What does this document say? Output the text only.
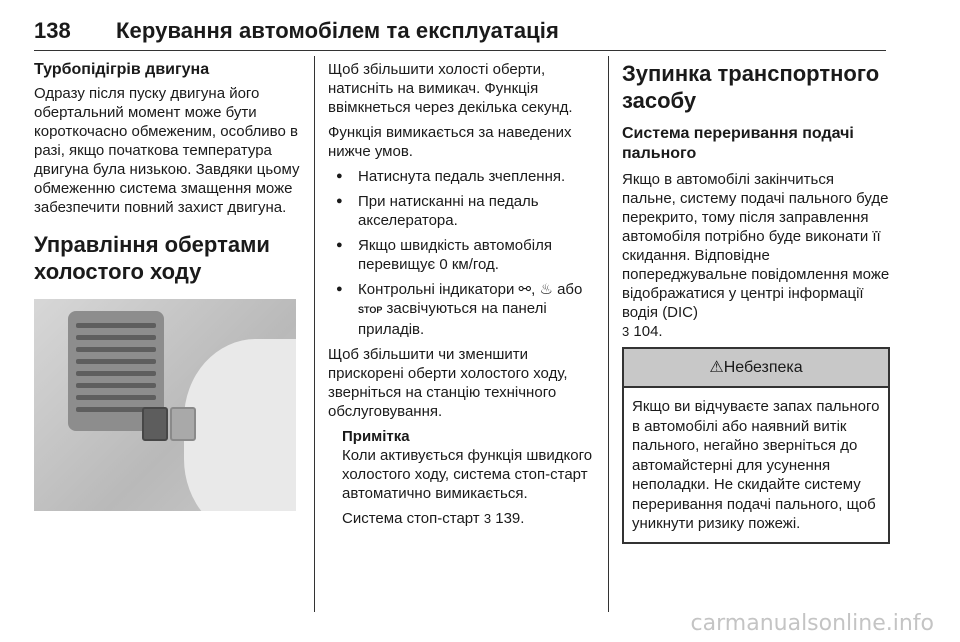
138 Керування автомобілем та експлуатація
Турбопідігрів двигуна

Одразу після пуску двигуна його обертальний момент може бути короткочасно обмеженим, особливо в разі, якщо початкова температура двигуна була низькою. Завдяки цьому обмеженню система змащення може забезпечити повний захист двигуна.

Управління обертами холостого ходу

Щоб збільшити холості оберти, натисніть на вимикач. Функція ввімкнеться через декілька секунд.

Функція вимикається за наведених нижче умов.

● Натиснута педаль зчеплення.
● При натисканні на педаль акселератора.
● Якщо швидкість автомобіля перевищує 0 км/год.
● Контрольні індикатори ⚯, ♨ або STOP засвічуються на панелі приладів.

Щоб збільшити чи зменшити прискорені оберти холостого ходу, зверніться на станцію технічного обслуговування.

Примітка

Коли активується функція швидкого холостого ходу, система стоп-старт автоматично вимикається.

Система стоп-старт 3 139.

Зупинка транспортного засобу
Система переривання подачі пального

Якщо в автомобілі закінчиться пальне, систему подачі пального буде перекрито, тому після заправлення автомобіля потрібно буде виконати її скидання. Відповідне попереджувальне повідомлення може відображатися у центрі інформації водія (DIC)
3 104.

⚠Небезпека
Якщо ви відчуваєте запах пального в автомобілі або наявний витік пального, негайно зверніться до автомайстерні для усунення неполадки. Не скидайте систему переривання подачі пального, щоб уникнути ризику пожежі.
carmanualsonline.info
